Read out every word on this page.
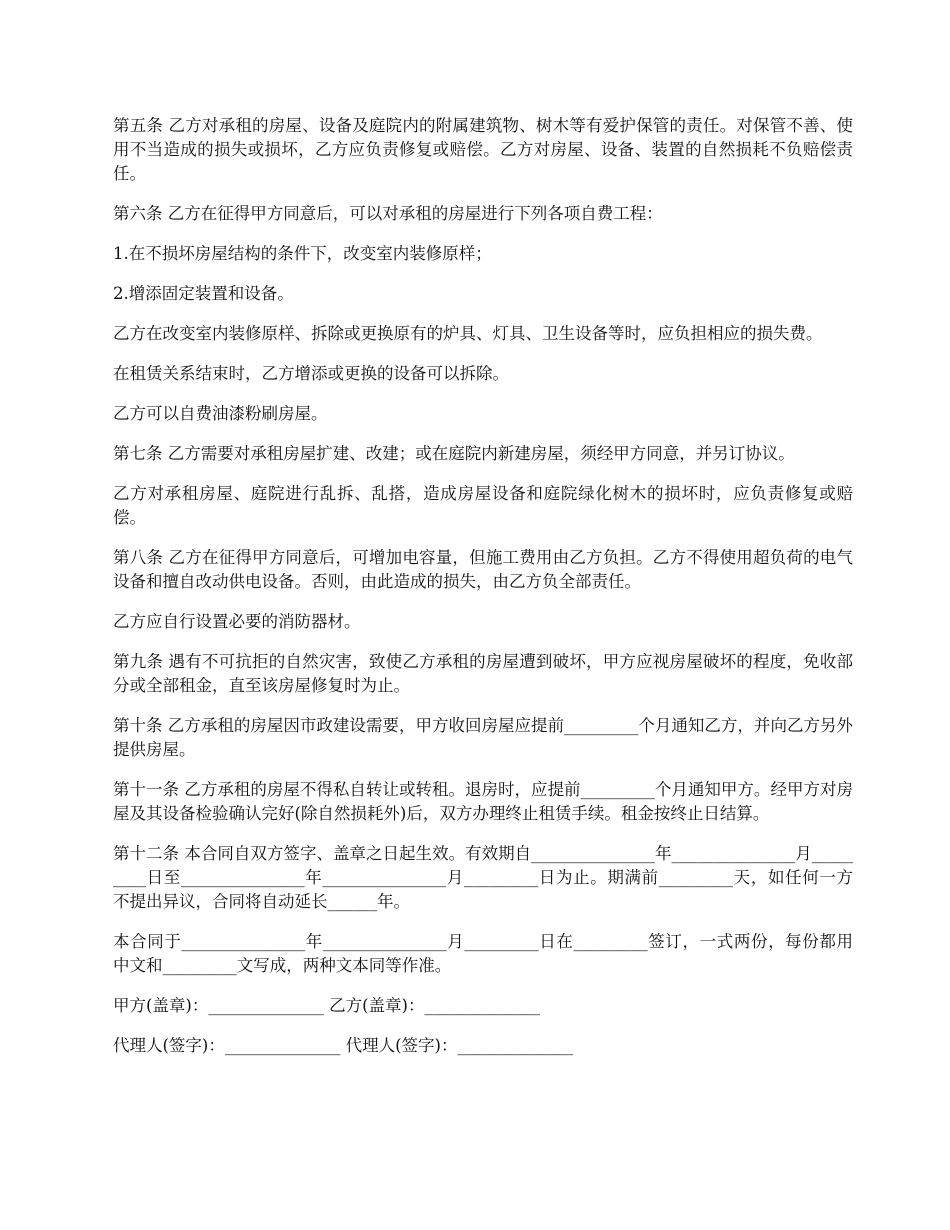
第五条 乙方对承租的房屋、设备及庭院内的附属建筑物、树木等有爱护保管的责任。对保管不善、使用不当造成的损失或损坏，乙方应负责修复或赔偿。乙方对房屋、设备、装置的自然损耗不负赔偿责任。

第六条 乙方在征得甲方同意后，可以对承租的房屋进行下列各项自费工程：

1.在不损坏房屋结构的条件下，改变室内装修原样；

2.增添固定装置和设备。

乙方在改变室内装修原样、拆除或更换原有的炉具、灯具、卫生设备等时，应负担相应的损失费。

在租赁关系结束时，乙方增添或更换的设备可以拆除。

乙方可以自费油漆粉刷房屋。

第七条 乙方需要对承租房屋扩建、改建；或在庭院内新建房屋，须经甲方同意，并另订协议。

乙方对承租房屋、庭院进行乱拆、乱搭，造成房屋设备和庭院绿化树木的损坏时，应负责修复或赔偿。

第八条 乙方在征得甲方同意后，可增加电容量，但施工费用由乙方负担。乙方不得使用超负荷的电气设备和擅自改动供电设备。否则，由此造成的损失，由乙方负全部责任。

乙方应自行设置必要的消防器材。

第九条 遇有不可抗拒的自然灾害，致使乙方承租的房屋遭到破坏，甲方应视房屋破坏的程度，免收部分或全部租金，直至该房屋修复时为止。

第十条 乙方承租的房屋因市政建设需要，甲方收回房屋应提前_________个月通知乙方，并向乙方另外提供房屋。

第十一条 乙方承租的房屋不得私自转让或转租。退房时，应提前_________个月通知甲方。经甲方对房屋及其设备检验确认完好(除自然损耗外)后，双方办理终止租赁手续。租金按终止日结算。

第十二条 本合同自双方签字、盖章之日起生效。有效期自_______________年_______________月_________日至_______________年_______________月_________日为止。期满前_________天，如任何一方不提出异议，合同将自动延长______年。

本合同于_______________年_______________月_________日在_________签订，一式两份，每份都用中文和_________文写成，两种文本同等作准。

甲方(盖章)：______________ 乙方(盖章)：______________

代理人(签字)：______________ 代理人(签字)：______________
